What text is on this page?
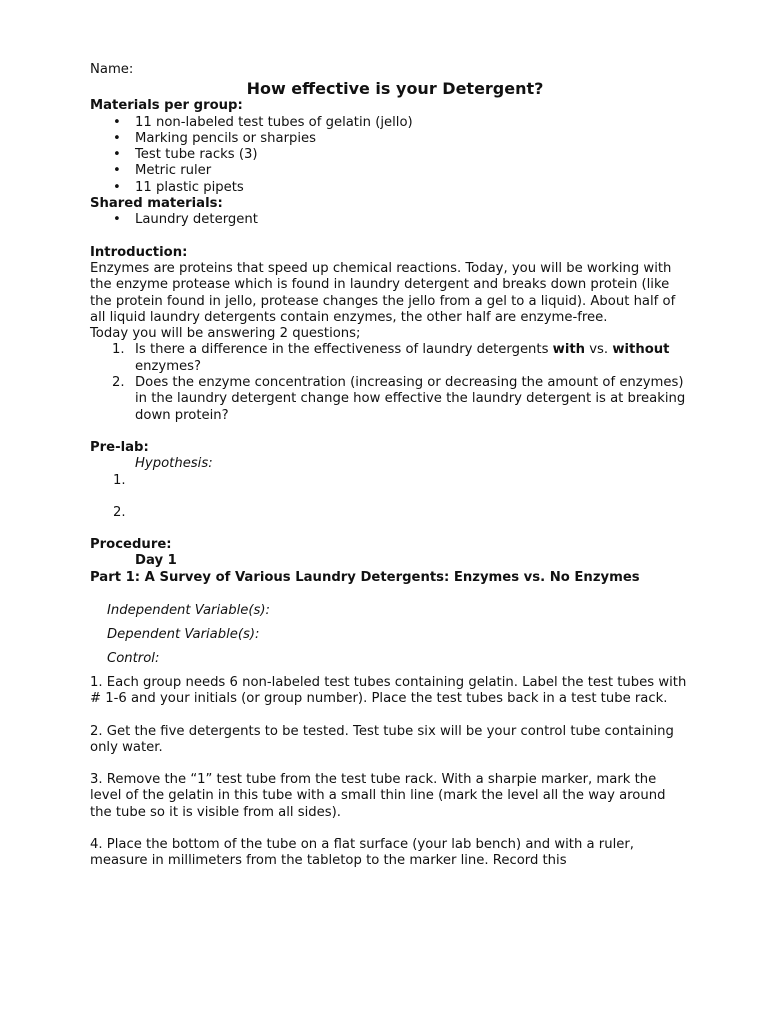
Name:

How effective is your Detergent?

Materials per group:

• 11 non-labeled test tubes of gelatin (jello)
• Marking pencils or sharpies
• Test tube racks (3)
• Metric ruler
• 11 plastic pipets

Shared materials:

• Laundry detergent

Introduction:

Enzymes are proteins that speed up chemical reactions. Today, you will be working with the enzyme protease which is found in laundry detergent and breaks down protein (like the protein found in jello, protease changes the jello from a gel to a liquid). About half of all liquid laundry detergents contain enzymes, the other half are enzyme-free.

Today you will be answering 2 questions;

1. Is there a difference in the effectiveness of laundry detergents with vs. without enzymes?
2. Does the enzyme concentration (increasing or decreasing the amount of enzymes) in the laundry detergent change how effective the laundry detergent is at breaking down protein?

Pre-lab:

Hypothesis:

1.

2.

Procedure:

Day 1

Part 1: A Survey of Various Laundry Detergents: Enzymes vs. No Enzymes

Independent Variable(s):

Dependent Variable(s):

Control:

1. Each group needs 6 non-labeled test tubes containing gelatin. Label the test tubes with # 1-6 and your initials (or group number). Place the test tubes back in a test tube rack.

2. Get the five detergents to be tested. Test tube six will be your control tube containing only water.

3. Remove the “1” test tube from the test tube rack. With a sharpie marker, mark the level of the gelatin in this tube with a small thin line (mark the level all the way around the tube so it is visible from all sides).

4. Place the bottom of the tube on a flat surface (your lab bench) and with a ruler, measure in millimeters from the tabletop to the marker line. Record this
